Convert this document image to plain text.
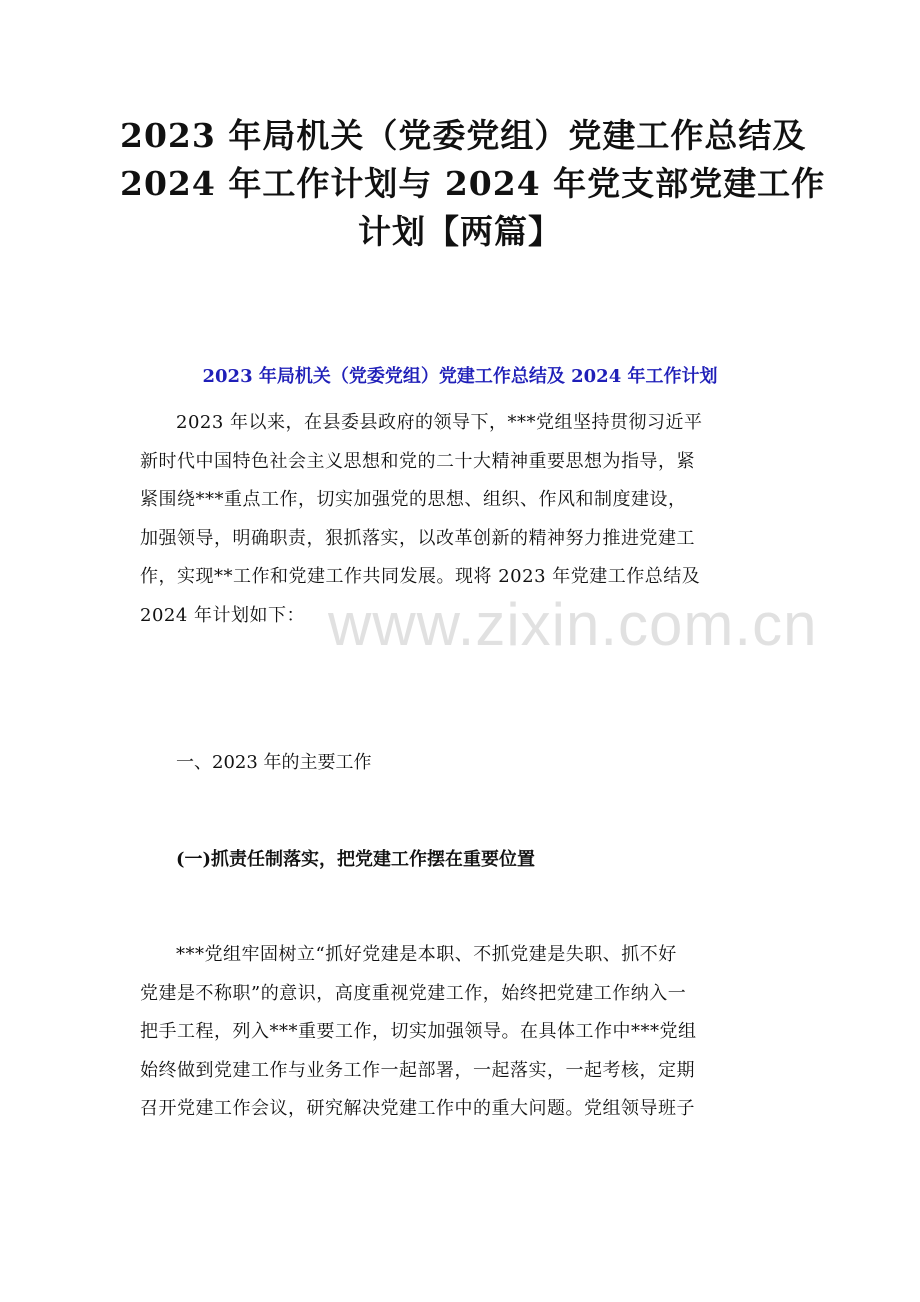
2023 年局机关（党委党组）党建工作总结及
2024 年工作计划与 2024 年党支部党建工作
计划【两篇】
2023 年局机关（党委党组）党建工作总结及 2024 年工作计划
2023 年以来，在县委县政府的领导下，***党组坚持贯彻习近平
新时代中国特色社会主义思想和党的二十大精神重要思想为指导，紧
紧围绕***重点工作，切实加强党的思想、组织、作风和制度建设，
加强领导，明确职责，狠抓落实，以改革创新的精神努力推进党建工
作，实现**工作和党建工作共同发展。现将 2023 年党建工作总结及
2024 年计划如下：
一、2023 年的主要工作
(一)抓责任制落实，把党建工作摆在重要位置
***党组牢固树立“抓好党建是本职、不抓党建是失职、抓不好
党建是不称职”的意识，高度重视党建工作，始终把党建工作纳入一
把手工程，列入***重要工作，切实加强领导。在具体工作中***党组
始终做到党建工作与业务工作一起部署，一起落实，一起考核，定期
召开党建工作会议，研究解决党建工作中的重大问题。党组领导班子
www.zixin.com.cn
